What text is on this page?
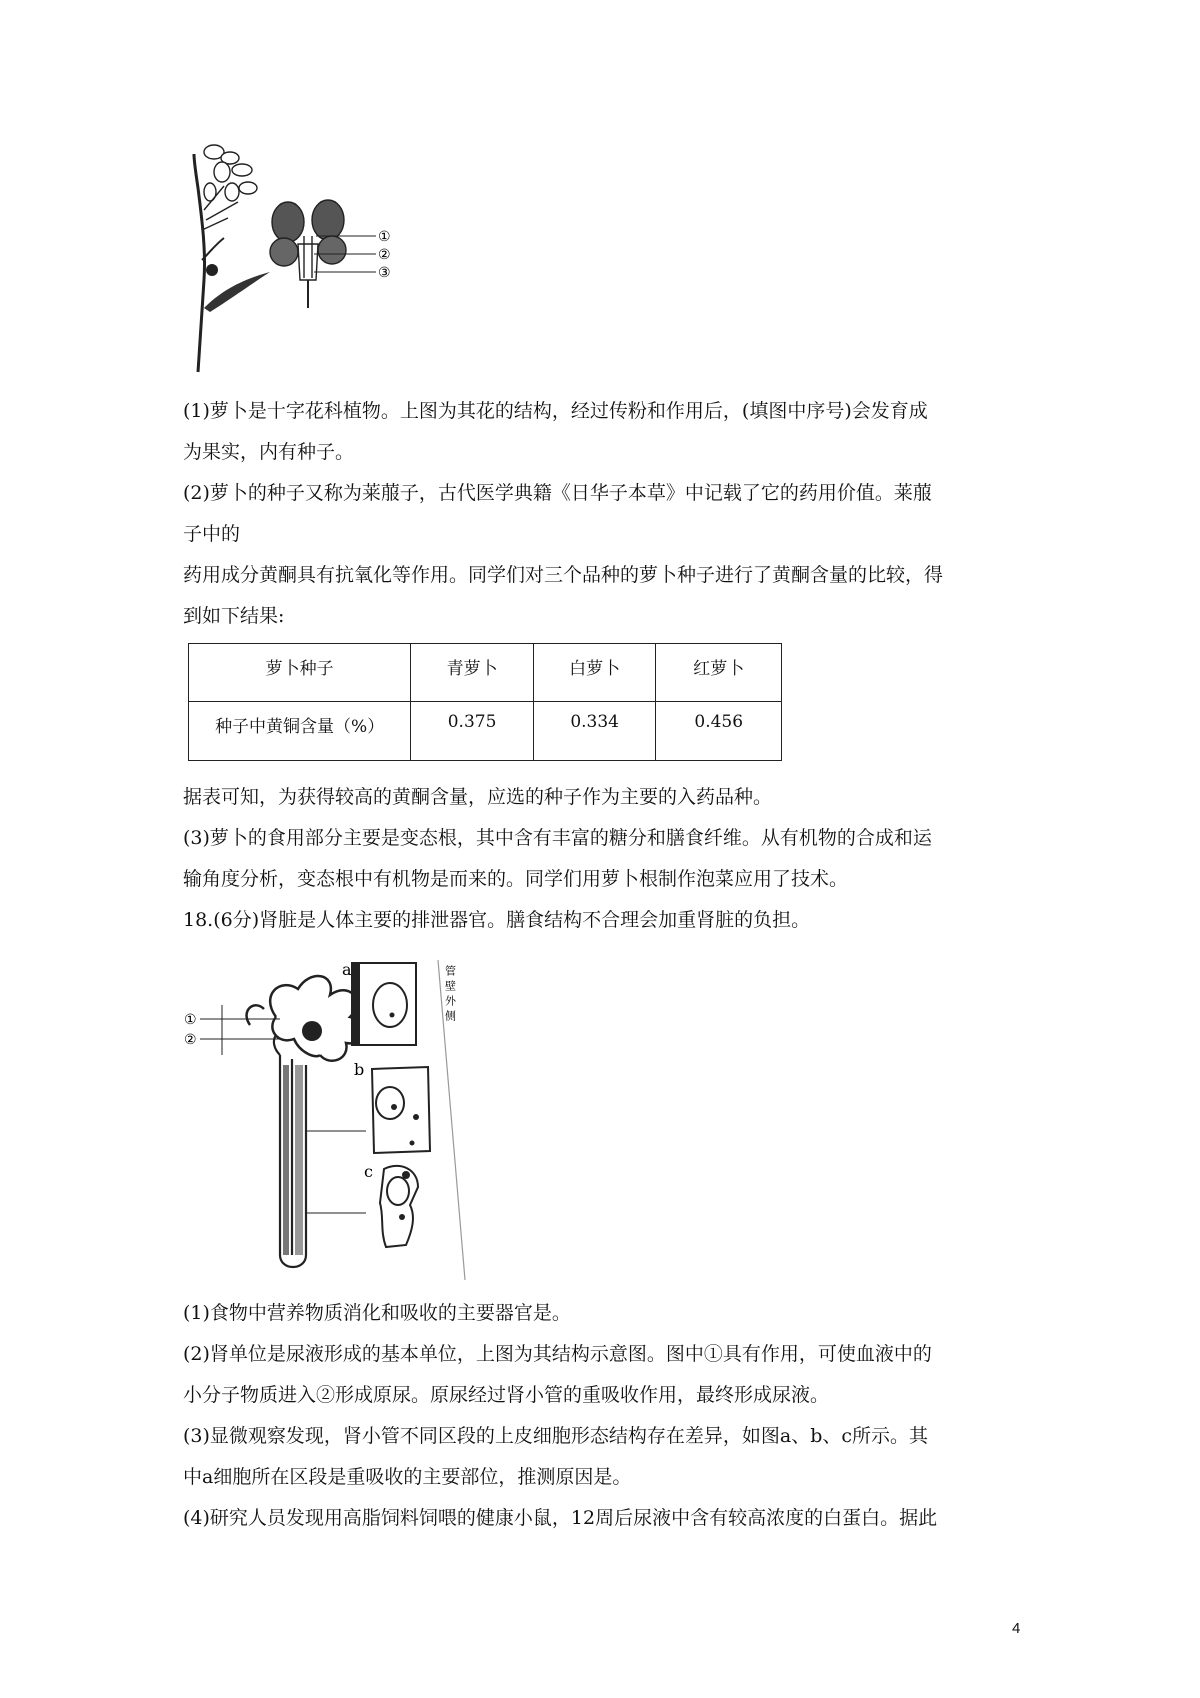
①
②
③
(1)萝卜是十字花科植物。上图为其花的结构，经过传粉和作用后，(填图中序号)会发育成
为果实，内有种子。
(2)萝卜的种子又称为莱菔子，古代医学典籍《日华子本草》中记载了它的药用价值。莱菔
子中的
药用成分黄酮具有抗氧化等作用。同学们对三个品种的萝卜种子进行了黄酮含量的比较，得
到如下结果:
萝卜种子	青萝卜	白萝卜	红萝卜
种子中黄铜含量（%）	0.375	0.334	0.456
据表可知，为获得较高的黄酮含量，应选的种子作为主要的入药品种。
(3)萝卜的食用部分主要是变态根，其中含有丰富的糖分和膳食纤维。从有机物的合成和运
输角度分析，变态根中有机物是而来的。同学们用萝卜根制作泡菜应用了技术。
18.(6分)肾脏是人体主要的排泄器官。膳食结构不合理会加重肾脏的负担。
①
②
a
b
管壁外侧
c
(1)食物中营养物质消化和吸收的主要器官是。
(2)肾单位是尿液形成的基本单位，上图为其结构示意图。图中①具有作用，可使血液中的
小分子物质进入②形成原尿。原尿经过肾小管的重吸收作用，最终形成尿液。
(3)显微观察发现，肾小管不同区段的上皮细胞形态结构存在差异，如图a、b、c所示。其
中a细胞所在区段是重吸收的主要部位，推测原因是。
(4)研究人员发现用高脂饲料饲喂的健康小鼠，12周后尿液中含有较高浓度的白蛋白。据此
4
